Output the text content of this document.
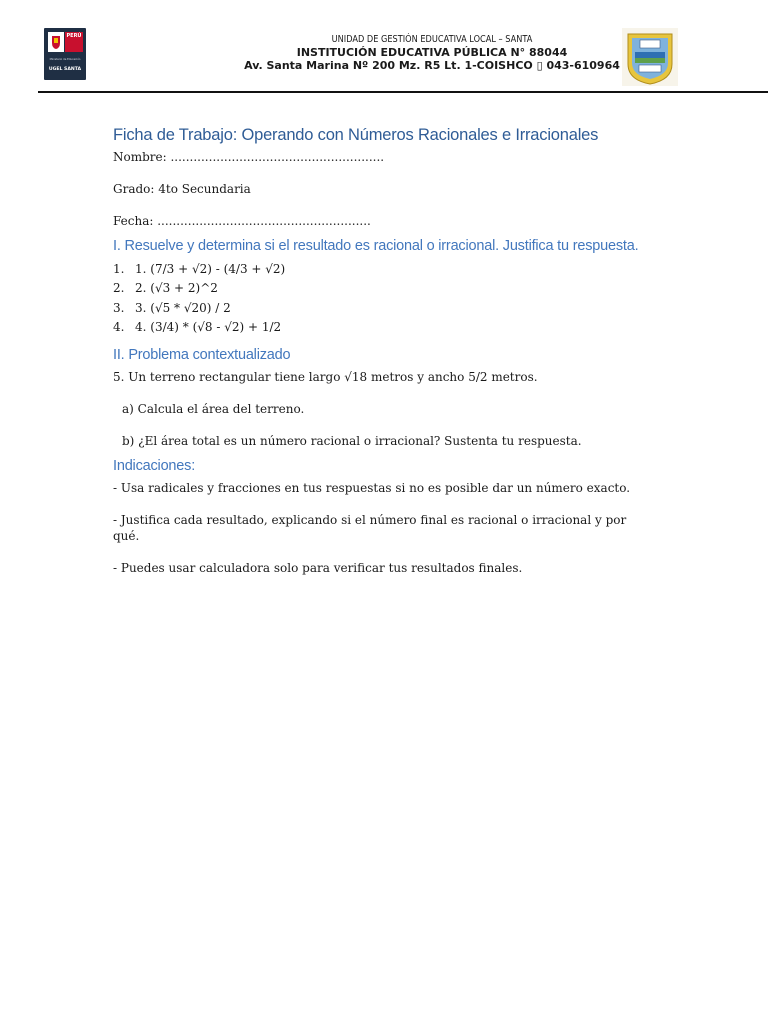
PERÚ
Ministerio de Educación
UGEL SANTA
UNIDAD DE GESTIÓN EDUCATIVA LOCAL – SANTA
INSTITUCIÓN EDUCATIVA PÚBLICA N° 88044
Av. Santa Marina Nº 200 Mz. R5 Lt. 1-COISHCO ▯ 043-610964
Ficha de Trabajo: Operando con Números Racionales e Irracionales

Nombre: ........................................................

Grado: 4to Secundaria

Fecha: ........................................................

I. Resuelve y determina si el resultado es racional o irracional. Justifica tu respuesta.
1. 1. (7/3 + √2) - (4/3 + √2)
2. 2. (√3 + 2)^2
3. 3. (√5 * √20) / 2
4. 4. (3/4) * (√8 - √2) + 1/2
II. Problema contextualizado

5. Un terreno rectangular tiene largo √18 metros y ancho 5/2 metros.

a) Calcula el área del terreno.

b) ¿El área total es un número racional o irracional? Sustenta tu respuesta.

Indicaciones:

- Usa radicales y fracciones en tus respuestas si no es posible dar un número exacto.

- Justifica cada resultado, explicando si el número final es racional o irracional y por qué.

- Puedes usar calculadora solo para verificar tus resultados finales.
